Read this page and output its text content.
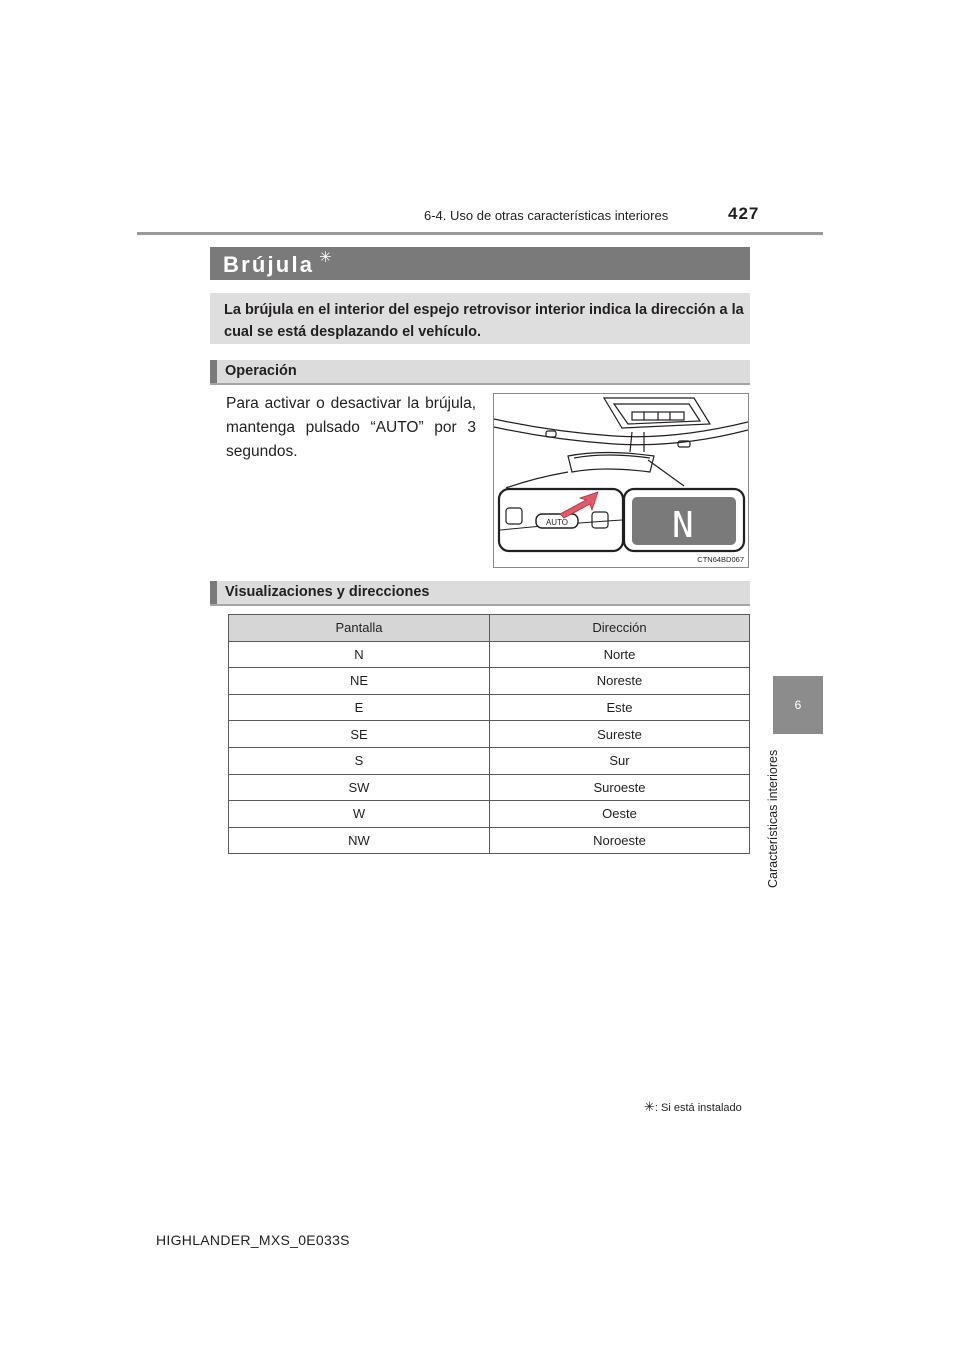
6-4. Uso de otras características interiores	427
6
Características interiores
Brújula ✳
La brújula en el interior del espejo retrovisor interior indica la dirección a la cual se está desplazando el vehículo.
Operación
Para activar o desactivar la brújula, mantenga pulsado “AUTO” por 3 segundos.
AUTO	N
CTN64BD067
Visualizaciones y direcciones
Pantalla	Dirección
N	Norte
NE	Noreste
E	Este
SE	Sureste
S	Sur
SW	Suroeste
W	Oeste
NW	Noroeste
✳: Si está instalado
HIGHLANDER_MXS_0E033S
